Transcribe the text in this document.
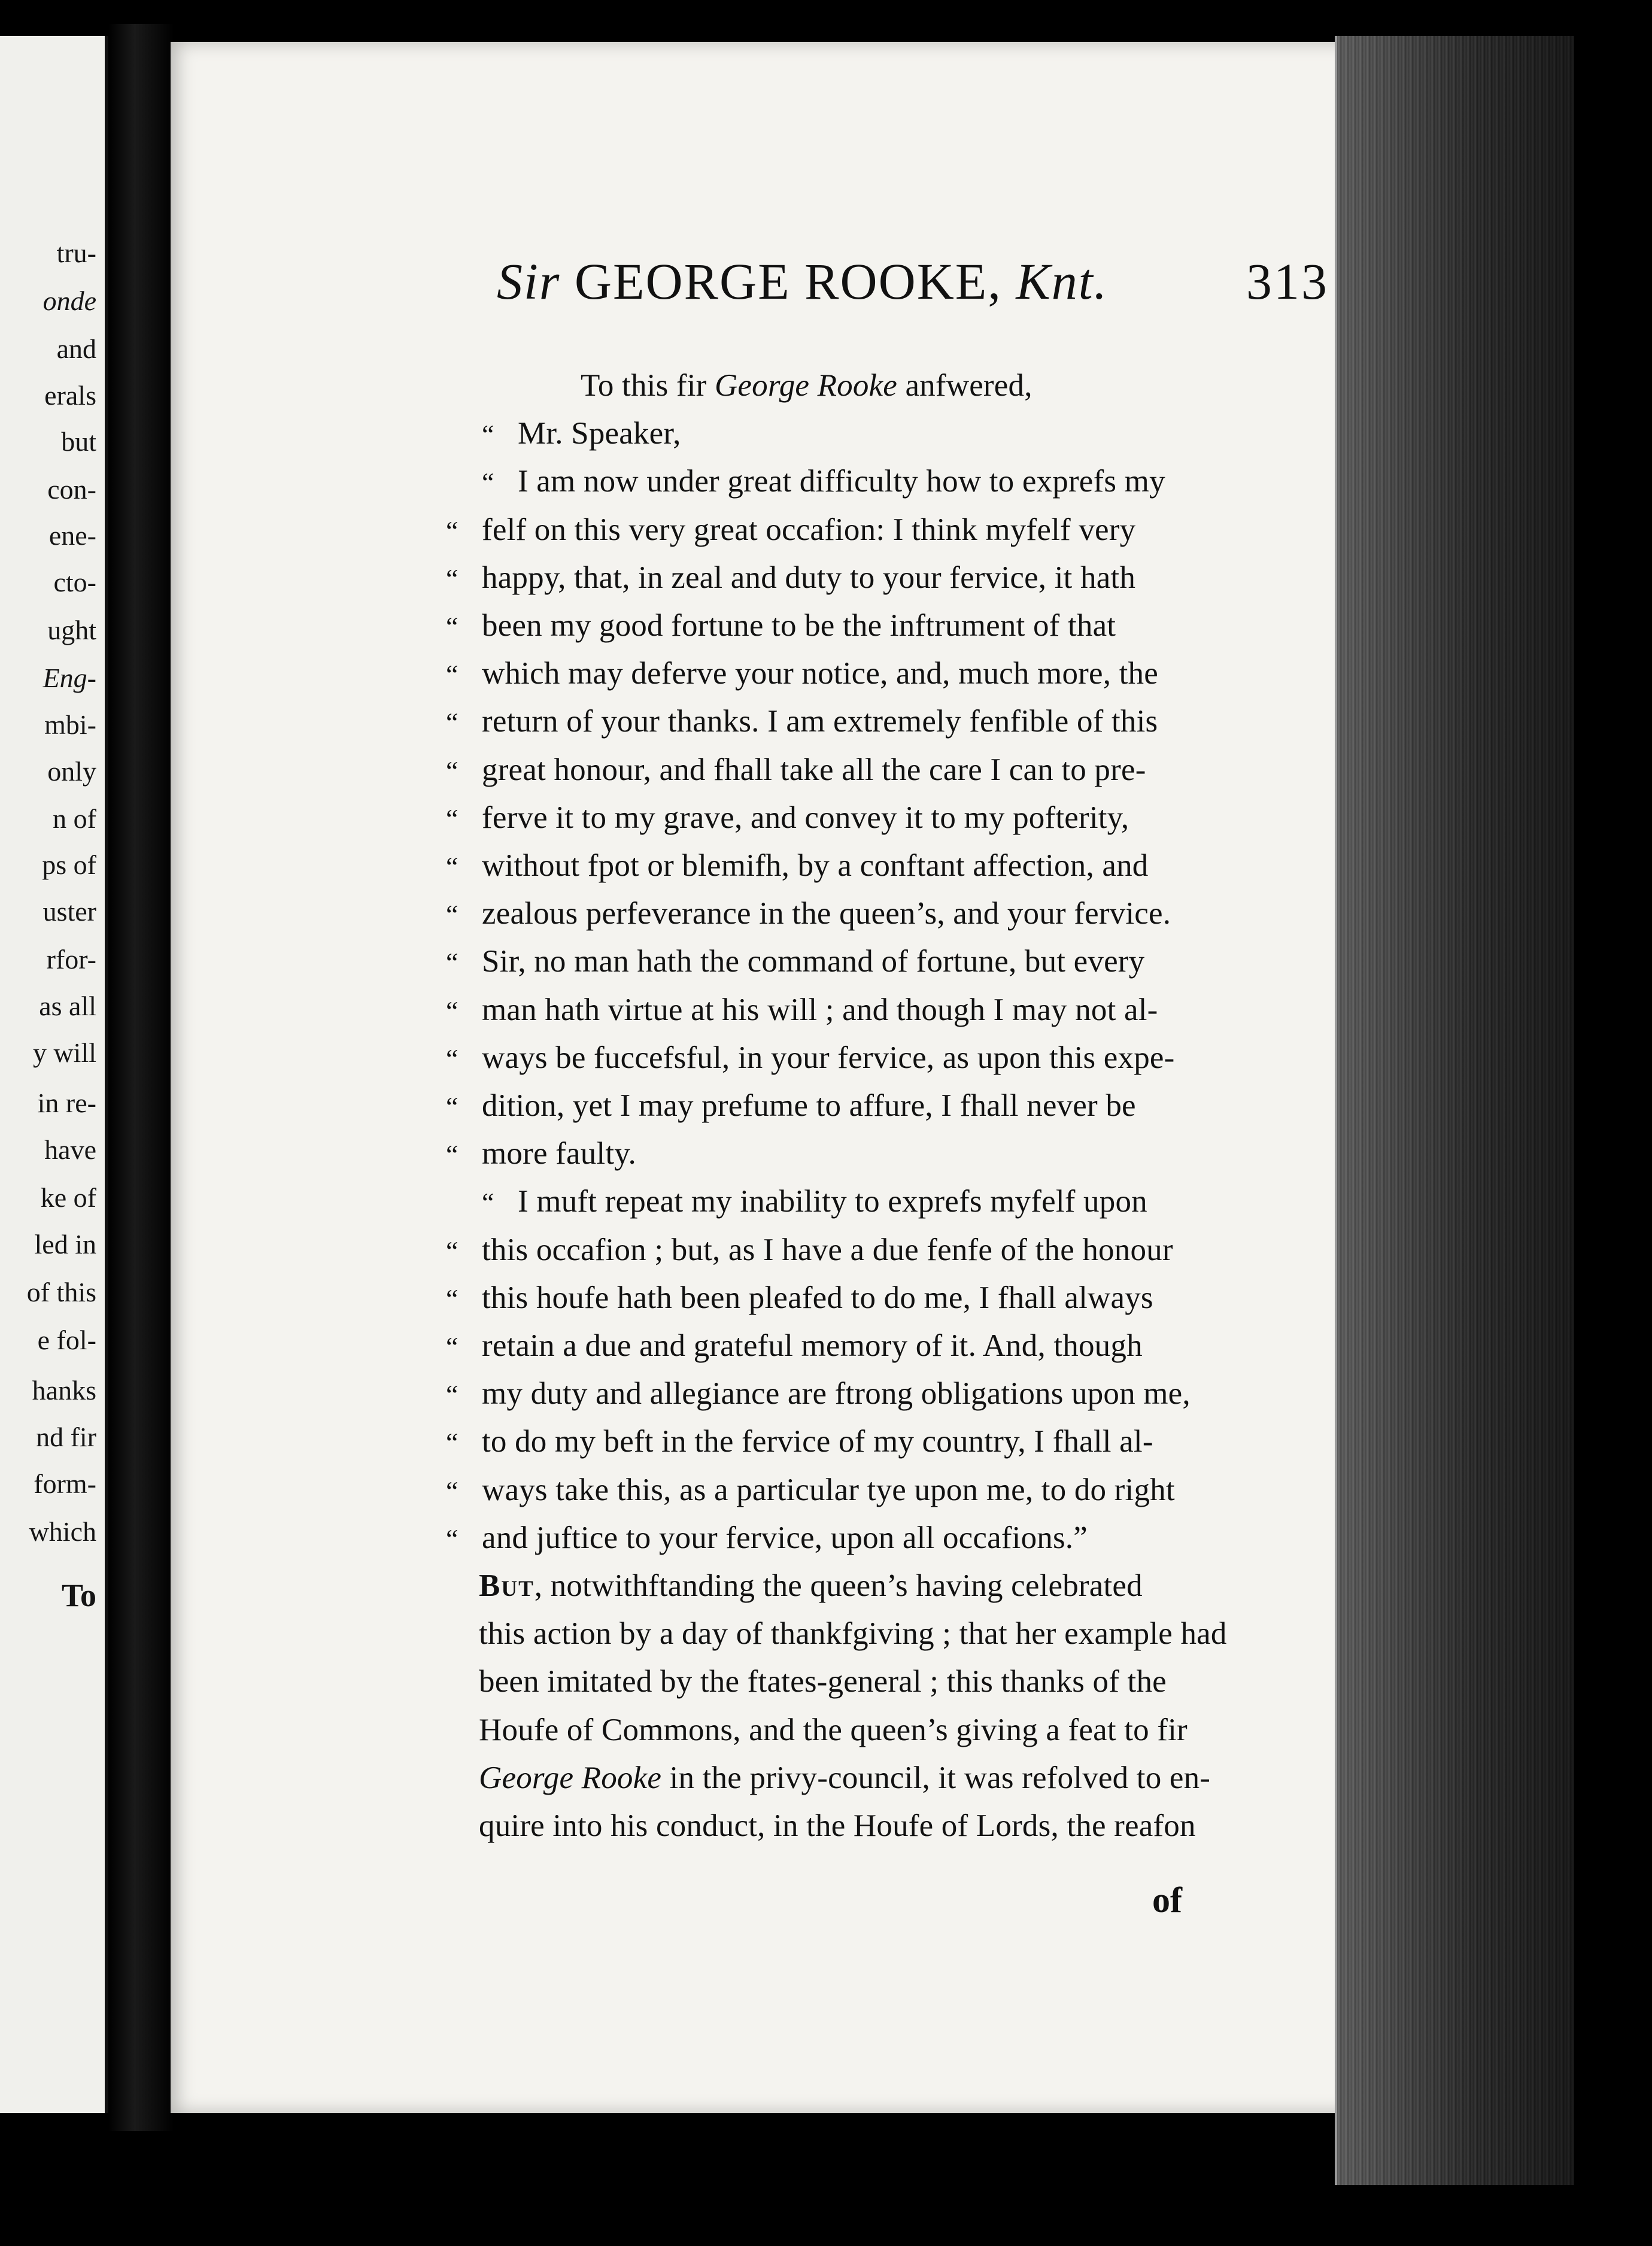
tru-
onde
and
erals
but
con-
ene-
cto-
ught
Eng-
mbi-
only
n of
ps of
uster
rfor-
as all
y will
in re-
have
ke of
led in
of this
e fol-
hanks
nd fir
form-
which
To
Sir GEORGE ROOKE, Knt.	313
To this fir George Rooke anfwered,
“ Mr. Speaker,
“ I am now under great difficulty how to exprefs my
“ felf on this very great occafion: I think myfelf very
“ happy, that, in zeal and duty to your fervice, it hath
“ been my good fortune to be the inftrument of that
“ which may deferve your notice, and, much more, the
“ return of your thanks. I am extremely fenfible of this
“ great honour, and fhall take all the care I can to pre-
“ ferve it to my grave, and convey it to my pofterity,
“ without fpot or blemifh, by a conftant affection, and
“ zealous perfeverance in the queen’s, and your fervice.
“ Sir, no man hath the command of fortune, but every
“ man hath virtue at his will ; and though I may not al-
“ ways be fuccefsful, in your fervice, as upon this expe-
“ dition, yet I may prefume to affure, I fhall never be
“ more faulty.
“ I muft repeat my inability to exprefs myfelf upon
“ this occafion ; but, as I have a due fenfe of the honour
“ this houfe hath been pleafed to do me, I fhall always
“ retain a due and grateful memory of it. And, though
“ my duty and allegiance are ftrong obligations upon me,
“ to do my beft in the fervice of my country, I fhall al-
“ ways take this, as a particular tye upon me, to do right
“ and juftice to your fervice, upon all occafions.”
But, notwithftanding the queen’s having celebrated
this action by a day of thankfgiving ; that her example had
been imitated by the ftates-general ; this thanks of the
Houfe of Commons, and the queen’s giving a feat to fir
George Rooke in the privy-council, it was refolved to en-
quire into his conduct, in the Houfe of Lords, the reafon
of
